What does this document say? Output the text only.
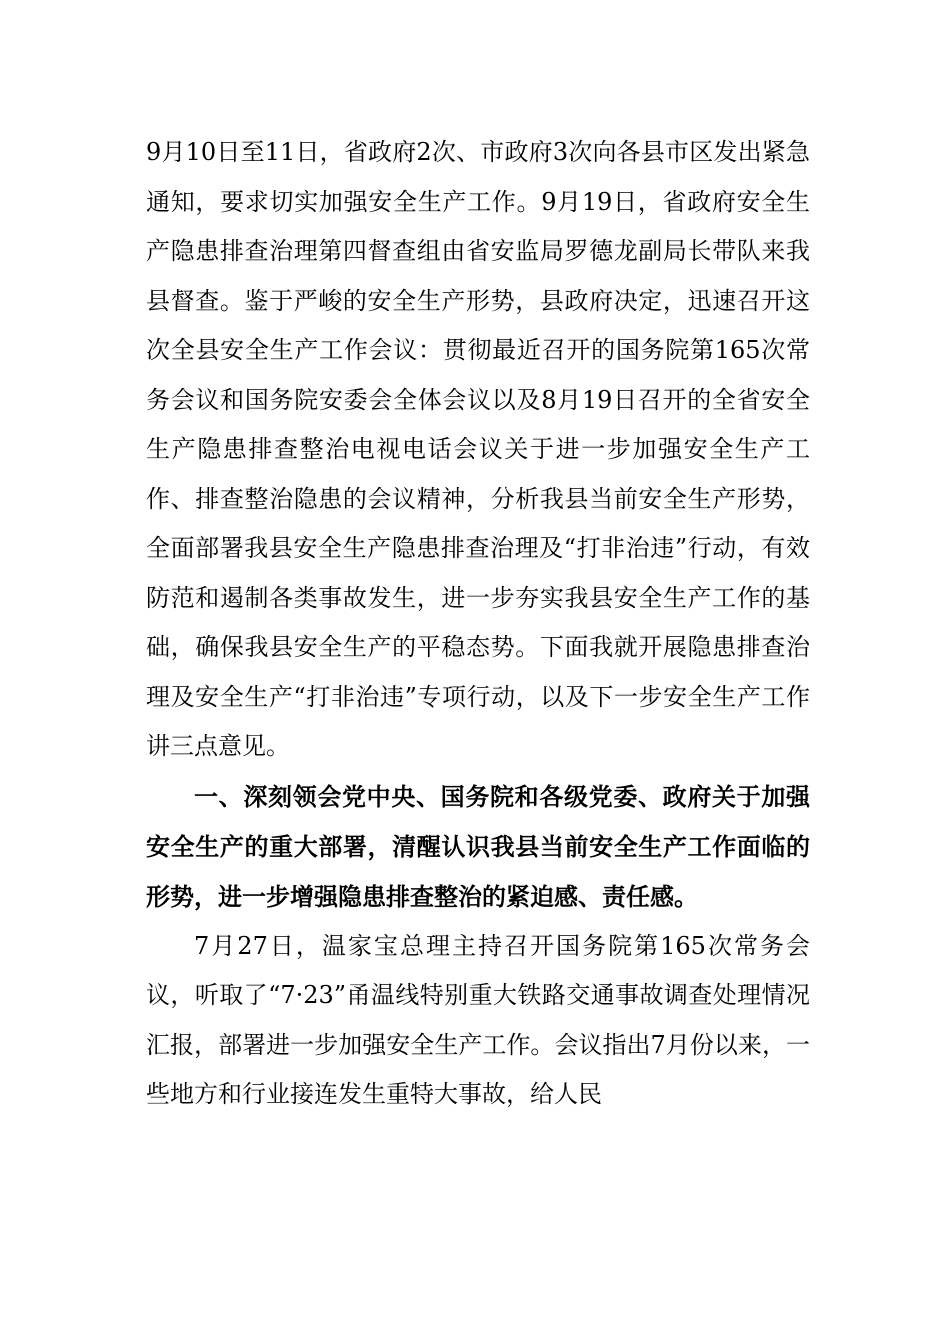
9月10日至11日，省政府2次、市政府3次向各县市区发出紧急通知，要求切实加强安全生产工作。9月19日，省政府安全生产隐患排查治理第四督查组由省安监局罗德龙副局长带队来我县督查。鉴于严峻的安全生产形势，县政府决定，迅速召开这次全县安全生产工作会议：贯彻最近召开的国务院第165次常务会议和国务院安委会全体会议以及8月19日召开的全省安全生产隐患排查整治电视电话会议关于进一步加强安全生产工作、排查整治隐患的会议精神，分析我县当前安全生产形势，全面部署我县安全生产隐患排查治理及“打非治违”行动，有效防范和遏制各类事故发生，进一步夯实我县安全生产工作的基础，确保我县安全生产的平稳态势。下面我就开展隐患排查治理及安全生产“打非治违”专项行动，以及下一步安全生产工作讲三点意见。

一、深刻领会党中央、国务院和各级党委、政府关于加强安全生产的重大部署，清醒认识我县当前安全生产工作面临的形势，进一步增强隐患排查整治的紧迫感、责任感。

7月27日，温家宝总理主持召开国务院第165次常务会议，听取了“7·23”甬温线特别重大铁路交通事故调查处理情况汇报，部署进一步加强安全生产工作。会议指出7月份以来，一些地方和行业接连发生重特大事故，给人民
